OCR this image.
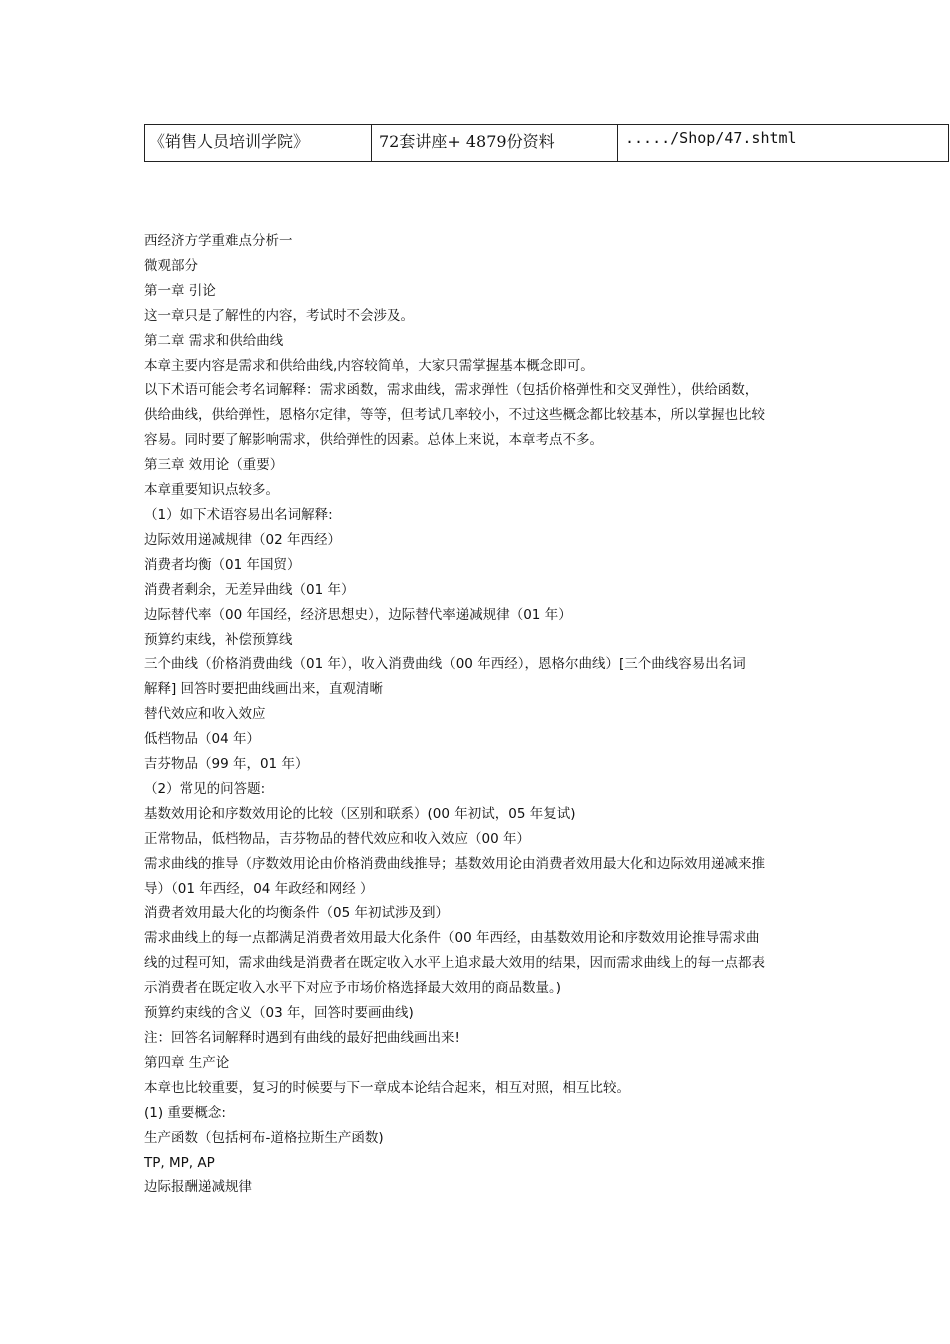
《销售人员培训学院》	72套讲座+ 4879份资料	...../Shop/47.shtml

西经济方学重难点分析一

微观部分

第一章 引论

这一章只是了解性的内容，考试时不会涉及。

第二章 需求和供给曲线

本章主要内容是需求和供给曲线,内容较简单，大家只需掌握基本概念即可。

以下术语可能会考名词解释：需求函数，需求曲线，需求弹性（包括价格弹性和交叉弹性），供给函数，

供给曲线，供给弹性，恩格尔定律，等等，但考试几率较小，不过这些概念都比较基本，所以掌握也比较

容易。同时要了解影响需求，供给弹性的因素。总体上来说，本章考点不多。

第三章 效用论（重要）

本章重要知识点较多。

（1）如下术语容易出名词解释:

边际效用递减规律（02 年西经）

消费者均衡（01 年国贸）

消费者剩余，无差异曲线（01 年）

边际替代率（00 年国经，经济思想史），边际替代率递减规律（01 年）

预算约束线，补偿预算线

三个曲线（价格消费曲线（01 年），收入消费曲线（00 年西经），恩格尔曲线）[三个曲线容易出名词

解释] 回答时要把曲线画出来，直观清晰

替代效应和收入效应

低档物品（04 年）

吉芬物品（99 年，01 年）

（2）常见的问答题:

基数效用论和序数效用论的比较（区别和联系）(00 年初试，05 年复试)

正常物品，低档物品，吉芬物品的替代效应和收入效应（00 年）

需求曲线的推导（序数效用论由价格消费曲线推导；基数效用论由消费者效用最大化和边际效用递减来推

导）（01 年西经，04 年政经和网经 ）

消费者效用最大化的均衡条件（05 年初试涉及到）

需求曲线上的每一点都满足消费者效用最大化条件（00 年西经，由基数效用论和序数效用论推导需求曲

线的过程可知，需求曲线是消费者在既定收入水平上追求最大效用的结果，因而需求曲线上的每一点都表

示消费者在既定收入水平下对应予市场价格选择最大效用的商品数量。)

预算约束线的含义（03 年，回答时要画曲线)

注：回答名词解释时遇到有曲线的最好把曲线画出来!

第四章 生产论

本章也比较重要，复习的时候要与下一章成本论结合起来，相互对照，相互比较。

(1) 重要概念:

生产函数（包括柯布-道格拉斯生产函数)

TP, MP, AP

边际报酬递减规律
